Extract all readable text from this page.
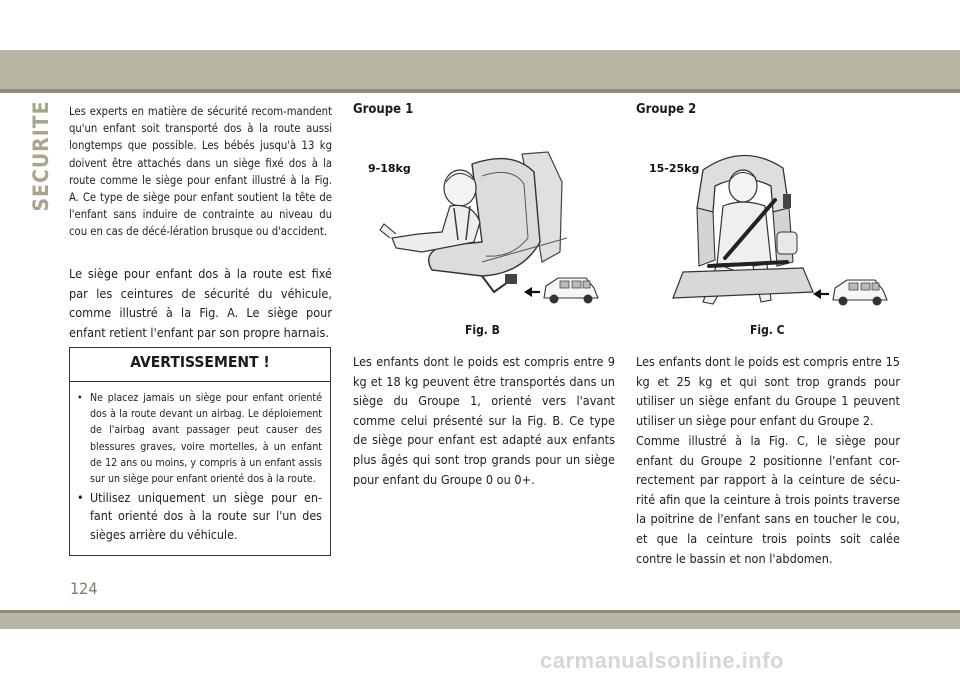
SECURITE Les experts en matière de sécurité recom-mandent qu'un enfant soit transporté dos à la route aussi longtemps que possible. Les bébés jusqu'à 13 kg doivent être attachés dans un siège fixé dos à la route comme le siège pour enfant illustré à la Fig. A. Ce type de siège pour enfant soutient la tête de l'enfant sans induire de contrainte au niveau du cou en cas de décé-lération brusque ou d'accident.
Le siège pour enfant dos à la route est fixé par les ceintures de sécurité du véhicule, comme illustré à la Fig. A. Le siège pour enfant retient l'enfant par son propre harnais.
AVERTISSEMENT !
• Ne placez jamais un siège pour enfant orienté dos à la route devant un airbag. Le déploiement de l'airbag avant passager peut causer des blessures graves, voire mortelles, à un enfant de 12 ans ou moins, y compris à un enfant assis sur un siège pour enfant orienté dos à la route.
• Utilisez uniquement un siège pour en-fant orienté dos à la route sur l'un des sièges arrière du véhicule.
Groupe 1
9-18kg
Fig. B
Les enfants dont le poids est compris entre 9 kg et 18 kg peuvent être transportés dans un siège du Groupe 1, orienté vers l'avant comme celui présenté sur la Fig. B. Ce type de siège pour enfant est adapté aux enfants plus âgés qui sont trop grands pour un siège pour enfant du Groupe 0 ou 0+.
Groupe 2
15-25kg
Fig. C
Les enfants dont le poids est compris entre 15 kg et 25 kg et qui sont trop grands pour utiliser un siège enfant du Groupe 1 peuvent utiliser un siège pour enfant du Groupe 2.
Comme illustré à la Fig. C, le siège pour enfant du Groupe 2 positionne l'enfant cor-rectement par rapport à la ceinture de sécu-rité afin que la ceinture à trois points traverse la poitrine de l'enfant sans en toucher le cou, et que la ceinture trois points soit calée contre le bassin et non l'abdomen.
124
carmanualsonline.info
